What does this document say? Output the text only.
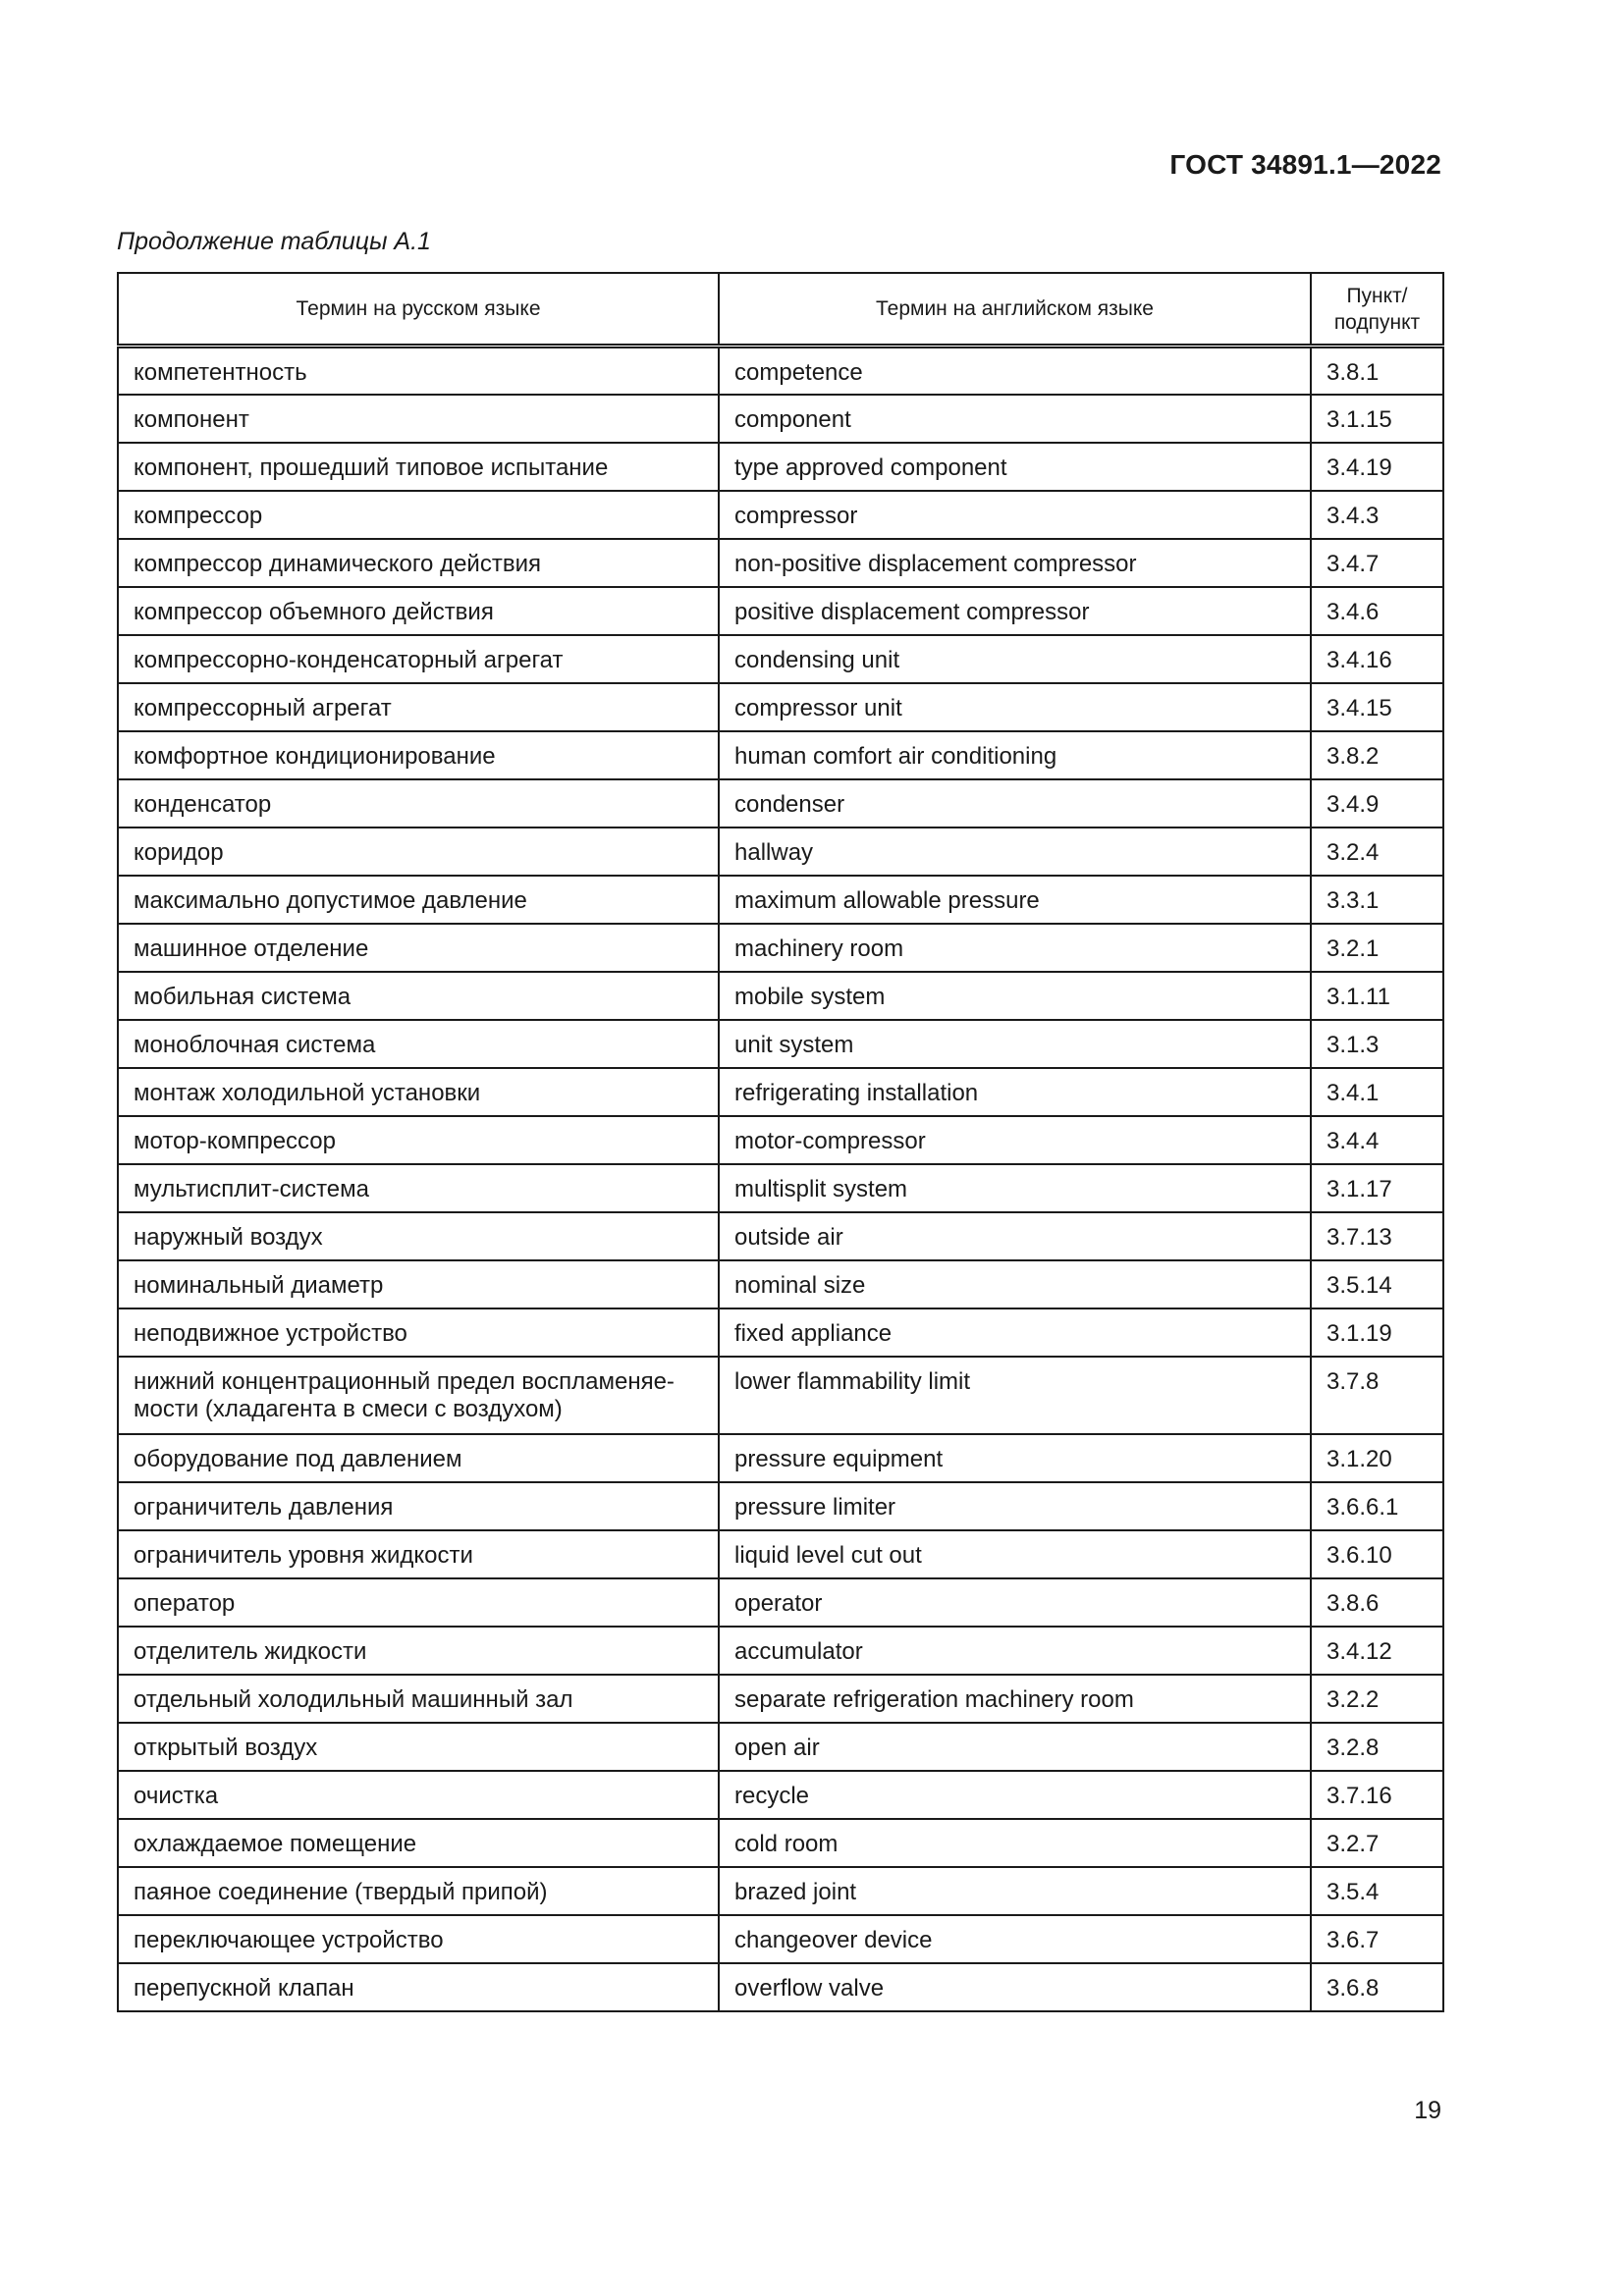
ГОСТ 34891.1—2022
Продолжение таблицы А.1
Термин на русском языке	Термин на английском языке	Пункт/
подпункт
компетентность	competence	3.8.1
компонент	component	3.1.15
компонент, прошедший типовое испытание	type approved component	3.4.19
компрессор	compressor	3.4.3
компрессор динамического действия	non-positive displacement compressor	3.4.7
компрессор объемного действия	positive displacement compressor	3.4.6
компрессорно-конденсаторный агрегат	condensing unit	3.4.16
компрессорный агрегат	compressor unit	3.4.15
комфортное кондиционирование	human comfort air conditioning	3.8.2
конденсатор	condenser	3.4.9
коридор	hallway	3.2.4
максимально допустимое давление	maximum allowable pressure	3.3.1
машинное отделение	machinery room	3.2.1
мобильная система	mobile system	3.1.11
моноблочная система	unit system	3.1.3
монтаж холодильной установки	refrigerating installation	3.4.1
мотор-компрессор	motor-compressor	3.4.4
мультисплит-система	multisplit system	3.1.17
наружный воздух	outside air	3.7.13
номинальный диаметр	nominal size	3.5.14
неподвижное устройство	fixed appliance	3.1.19
нижний концентрационный предел воспламеняе-
мости (хладагента в смеси с воздухом)	lower flammability limit	3.7.8
оборудование под давлением	pressure equipment	3.1.20
ограничитель давления	pressure limiter	3.6.6.1
ограничитель уровня жидкости	liquid level cut out	3.6.10
оператор	operator	3.8.6
отделитель жидкости	accumulator	3.4.12
отдельный холодильный машинный зал	separate refrigeration machinery room	3.2.2
открытый воздух	open air	3.2.8
очистка	recycle	3.7.16
охлаждаемое помещение	cold room	3.2.7
паяное соединение (твердый припой)	brazed joint	3.5.4
переключающее устройство	changeover device	3.6.7
перепускной клапан	overflow valve	3.6.8
19
